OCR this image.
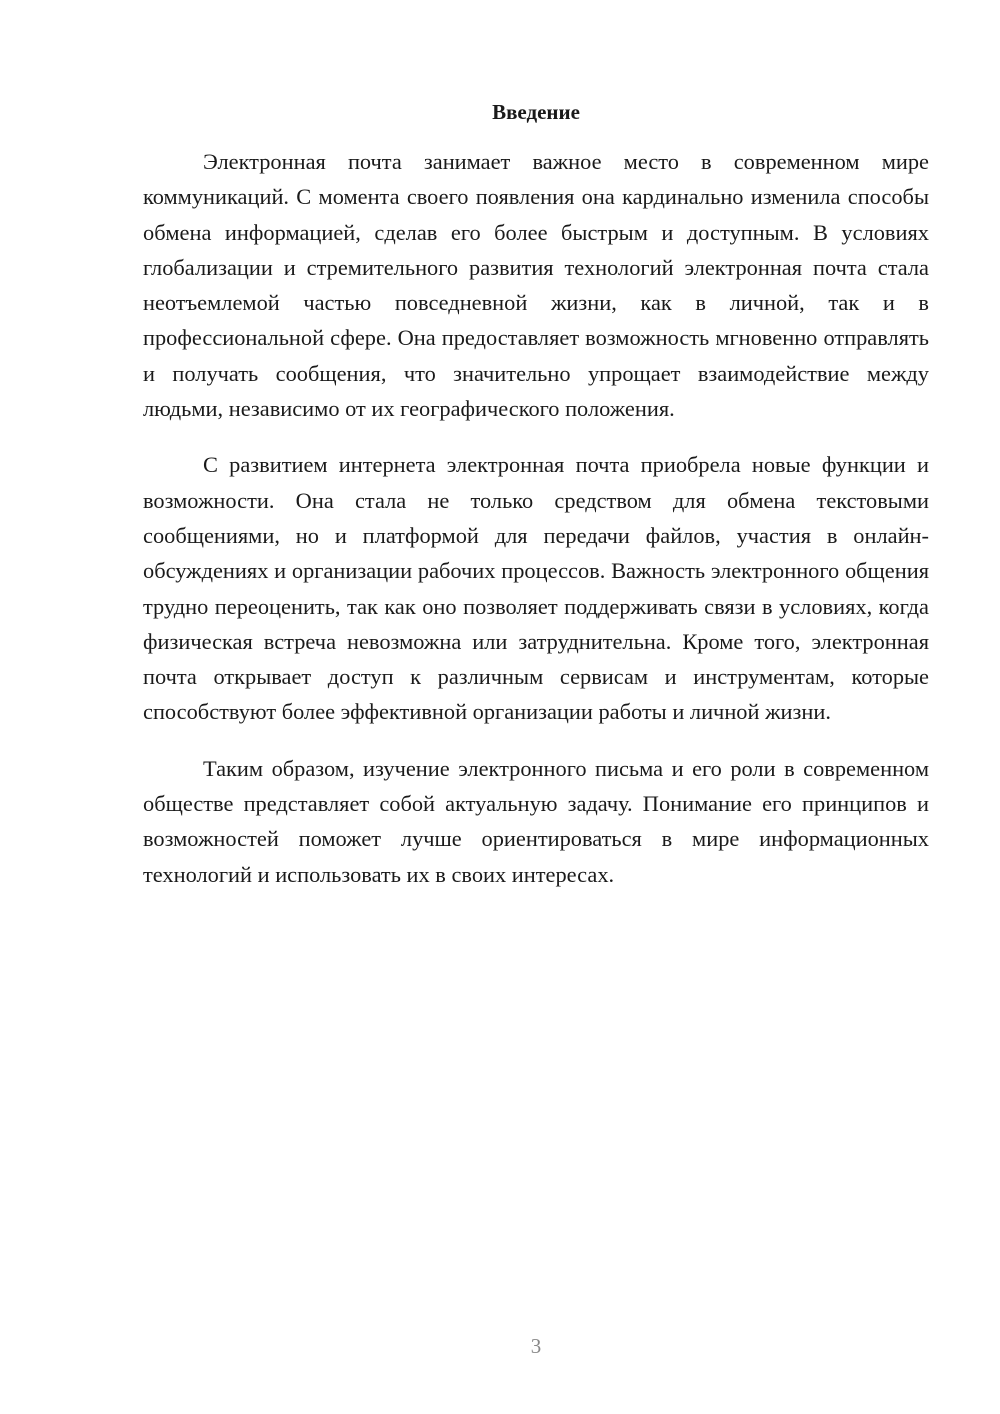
Введение

Электронная почта занимает важное место в современном мире коммуникаций. С момента своего появления она кардинально изменила способы обмена информацией, сделав его более быстрым и доступным. В условиях глобализации и стремительного развития технологий электронная почта стала неотъемлемой частью повседневной жизни, как в личной, так и в профессиональной сфере. Она предоставляет возможность мгновенно отправлять и получать сообщения, что значительно упрощает взаимодействие между людьми, независимо от их географического положения.

С развитием интернета электронная почта приобрела новые функции и возможности. Она стала не только средством для обмена текстовыми сообщениями, но и платформой для передачи файлов, участия в онлайн-обсуждениях и организации рабочих процессов. Важность электронного общения трудно переоценить, так как оно позволяет поддерживать связи в условиях, когда физическая встреча невозможна или затруднительна. Кроме того, электронная почта открывает доступ к различным сервисам и инструментам, которые способствуют более эффективной организации работы и личной жизни.

Таким образом, изучение электронного письма и его роли в современном обществе представляет собой актуальную задачу. Понимание его принципов и возможностей поможет лучше ориентироваться в мире информационных технологий и использовать их в своих интересах.

3
